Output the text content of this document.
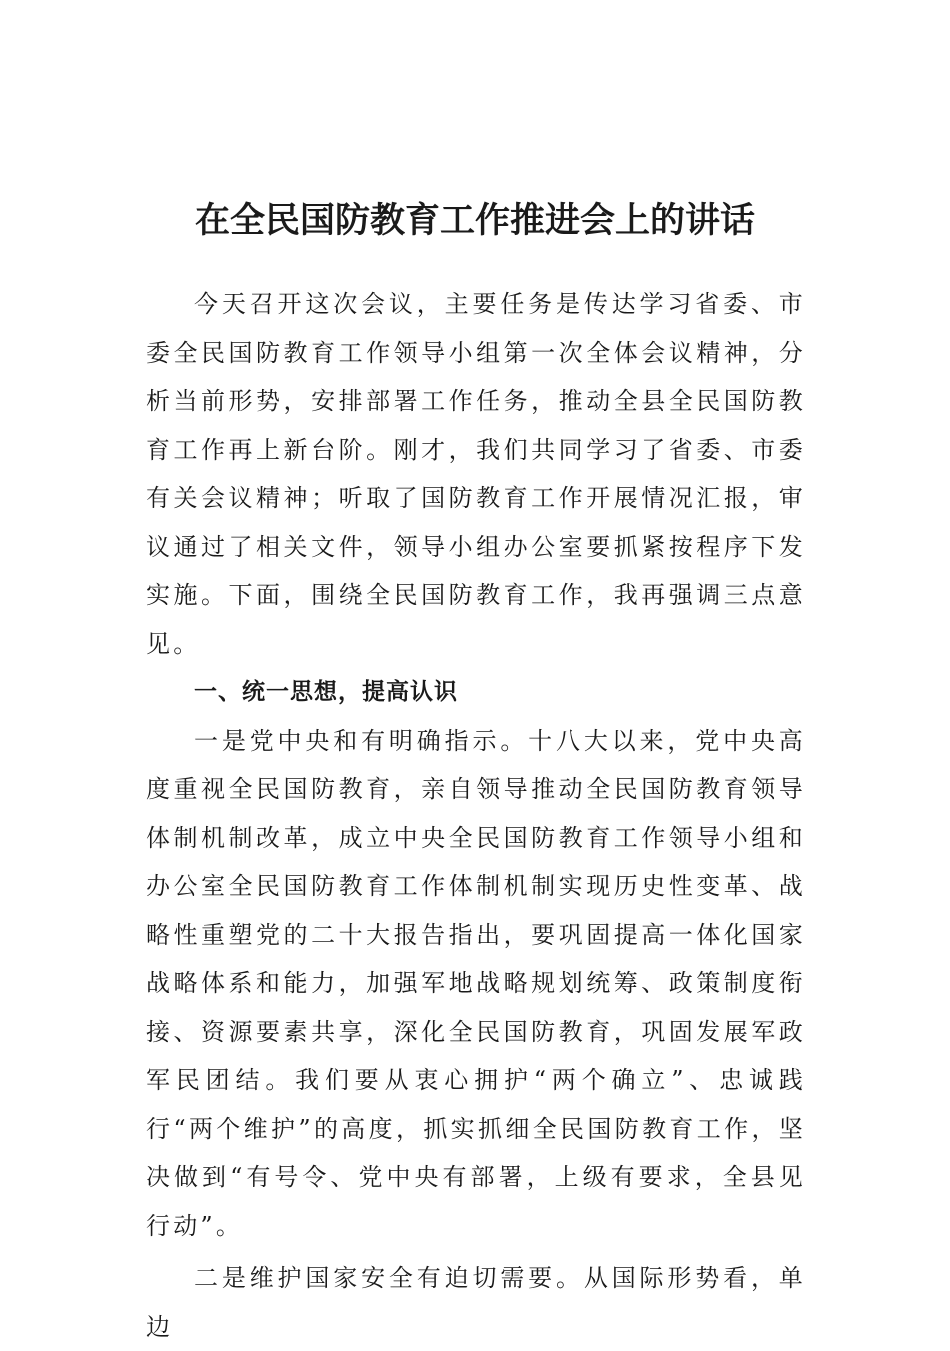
在全民国防教育工作推进会上的讲话

今天召开这次会议，主要任务是传达学习省委、市委全民国防教育工作领导小组第一次全体会议精神，分析当前形势，安排部署工作任务，推动全县全民国防教育工作再上新台阶。刚才，我们共同学习了省委、市委有关会议精神；听取了国防教育工作开展情况汇报，审议通过了相关文件，领导小组办公室要抓紧按程序下发实施。下面，围绕全民国防教育工作，我再强调三点意见。

一、统一思想，提高认识

一是党中央和有明确指示。十八大以来，党中央高度重视全民国防教育，亲自领导推动全民国防教育领导体制机制改革，成立中央全民国防教育工作领导小组和办公室全民国防教育工作体制机制实现历史性变革、战略性重塑党的二十大报告指出，要巩固提高一体化国家战略体系和能力，加强军地战略规划统筹、政策制度衔接、资源要素共享，深化全民国防教育，巩固发展军政军民团结。我们要从衷心拥护“两个确立”、忠诚践行“两个维护”的高度，抓实抓细全民国防教育工作，坚决做到“有号令、党中央有部署，上级有要求，全县见行动”。

二是维护国家安全有迫切需要。从国际形势看，单边
